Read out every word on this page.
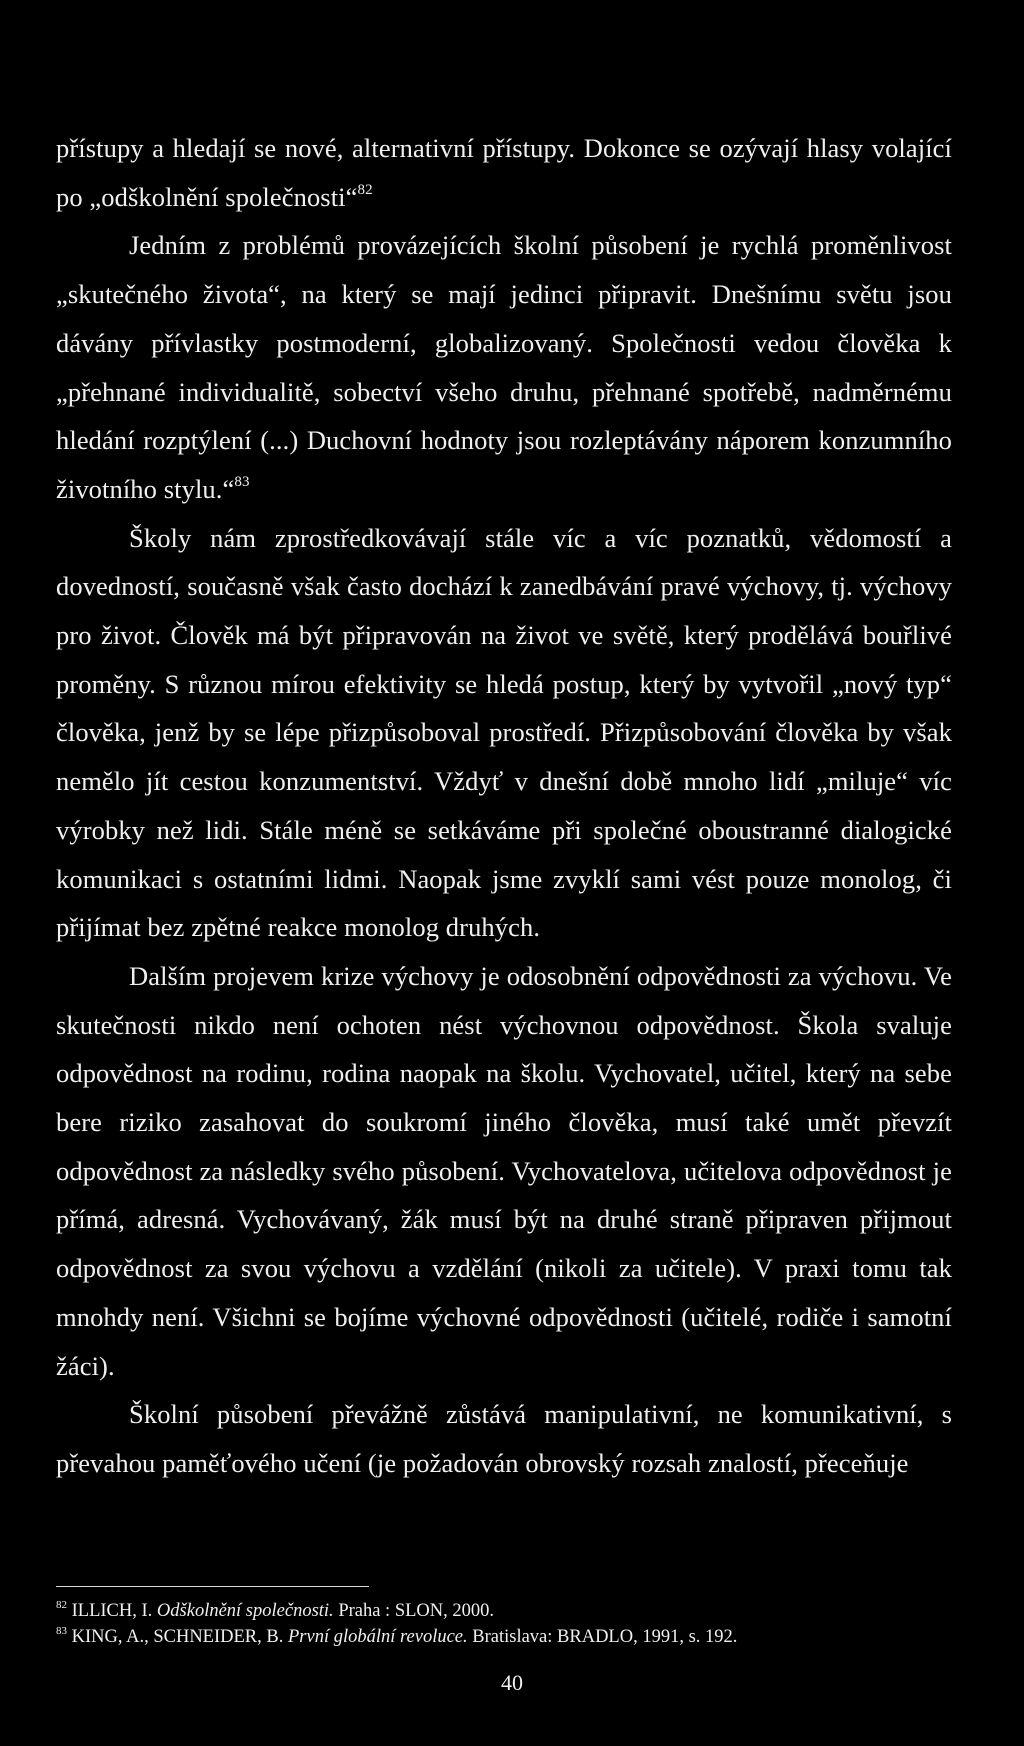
přístupy a hledají se nové, alternativní přístupy. Dokonce se ozývají hlasy volající po „odškolnění společnosti“$^{82}$

Jedním z problémů provázejících školní působení je rychlá proměnlivost „skutečného života“, na který se mají jedinci připravit. Dnešnímu světu jsou dávány přívlastky postmoderní, globalizovaný. Společnosti vedou člověka k „přehnané individualitě, sobectví všeho druhu, přehnané spotřebě, nadměrnému hledání rozptýlení (...) Duchovní hodnoty jsou rozleptávány náporem konzumního životního stylu.“$^{83}$

Školy nám zprostředkovávají stále víc a víc poznatků, vědomostí a dovedností, současně však často dochází k zanedbávání pravé výchovy, tj. výchovy pro život. Člověk má být připravován na život ve světě, který prodělává bouřlivé proměny. S různou mírou efektivity se hledá postup, který by vytvořil „nový typ“ člověka, jenž by se lépe přizpůsoboval prostředí. Přizpůsobování člověka by však nemělo jít cestou konzumentství. Vždyť v dnešní době mnoho lidí „miluje“ víc výrobky než lidi. Stále méně se setkáváme při společné oboustranné dialogické komunikaci s ostatními lidmi. Naopak jsme zvyklí sami vést pouze monolog, či přijímat bez zpětné reakce monolog druhých.

Dalším projevem krize výchovy je odosobnění odpovědnosti za výchovu. Ve skutečnosti nikdo není ochoten nést výchovnou odpovědnost. Škola svaluje odpovědnost na rodinu, rodina naopak na školu. Vychovatel, učitel, který na sebe bere riziko zasahovat do soukromí jiného člověka, musí také umět převzít odpovědnost za následky svého působení. Vychovatelova, učitelova odpovědnost je přímá, adresná. Vychovávaný, žák musí být na druhé straně připraven přijmout odpovědnost za svou výchovu a vzdělání (nikoli za učitele). V praxi tomu tak mnohdy není. Všichni se bojíme výchovné odpovědnosti (učitelé, rodiče i samotní žáci).

Školní působení převážně zůstává manipulativní, ne komunikativní, s převahou paměťového učení (je požadován obrovský rozsah znalostí, přeceňuje

$^{82}$ ILLICH, I. Odškolnění společnosti. Praha : SLON, 2000.
$^{83}$ KING, A., SCHNEIDER, B. První globální revoluce. Bratislava: BRADLO, 1991, s. 192.
40
